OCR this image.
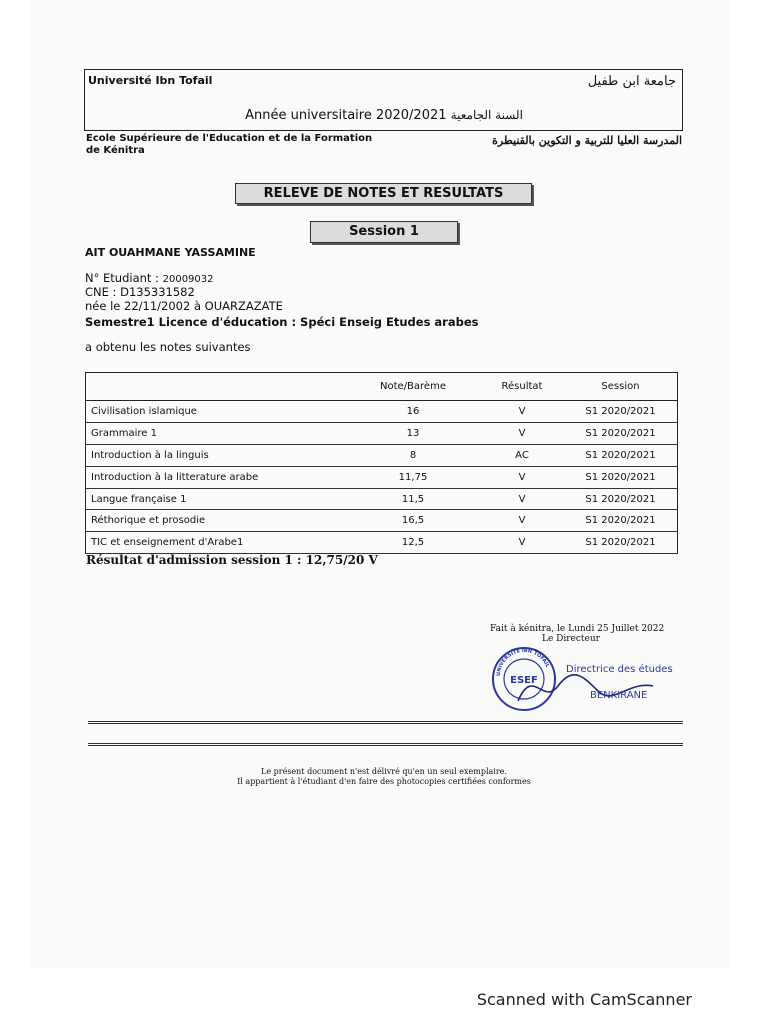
Université Ibn Tofail	جامعة ابن طفيل
Année universitaire 2020/2021 السنة الجامعية
Ecole Supérieure de l'Education et de la Formation
de Kénitra
المدرسة العليا للتربية و التكوين بالقنيطرة
RELEVE DE NOTES ET RESULTATS
Session 1
AIT OUAHMANE YASSAMINE
N° Etudiant : 20009032
CNE : D135331582
née le 22/11/2002 à OUARZAZATE
Semestre1 Licence d'éducation : Spéci Enseig Etudes arabes
a obtenu les notes suivantes
	Note/Barème	Résultat	Session
Civilisation islamique	16	V	S1 2020/2021
Grammaire 1	13	V	S1 2020/2021
Introduction à la linguis	8	AC	S1 2020/2021
Introduction à la litterature arabe	11,75	V	S1 2020/2021
Langue française 1	11,5	V	S1 2020/2021
Réthorique et prosodie	16,5	V	S1 2020/2021
TIC et enseignement d'Arabe1	12,5	V	S1 2020/2021
Résultat d'admission session 1 : 12,75/20 V
Fait à kénitra, le Lundi 25 Juillet 2022
Le Directeur
UNIVERSITÉ IBN TOFAIL
ESEF
Directrice des études
BENKIRANE
Le présent document n'est délivré qu'en un seul exemplaire.
Il appartient à l'étudiant d'en faire des photocopies certifiées conformes
Scanned with CamScanner
